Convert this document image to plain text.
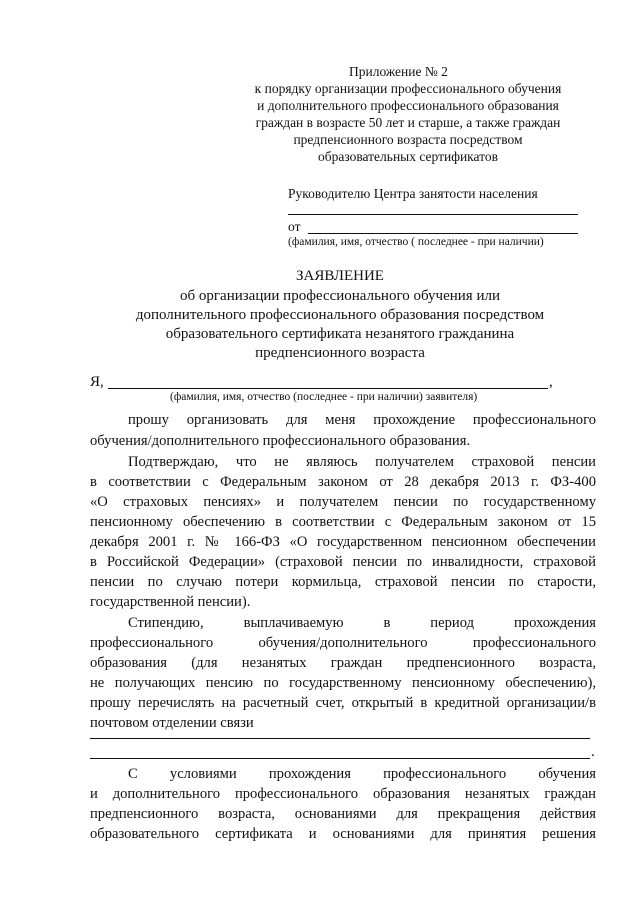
Приложение № 2
к порядку организации профессионального обучения
и дополнительного профессионального образования
граждан в возрасте 50 лет и старше, а также граждан
предпенсионного возраста посредством
образовательных сертификатов
Руководителю Центра занятости населения
от
(фамилия, имя, отчество ( последнее - при наличии)
ЗАЯВЛЕНИЕ
об организации профессионального обучения или
дополнительного профессионального образования посредством
образовательного сертификата незанятого гражданина
предпенсионного возраста
Я,	,
(фамилия, имя, отчество (последнее - при наличии) заявителя)
прошу организовать для меня прохождение профессионального
обучения/дополнительного профессионального образования.
Подтверждаю, что не являюсь получателем страховой пенсии
в соответствии с Федеральным законом от 28 декабря 2013 г. ФЗ-400
«О страховых пенсиях» и получателем пенсии по государственному
пенсионному обеспечению в соответствии с Федеральным законом от 15
декабря 2001 г. № 166-ФЗ «О государственном пенсионном обеспечении
в Российской Федерации» (страховой пенсии по инвалидности, страховой
пенсии по случаю потери кормильца, страховой пенсии по старости,
государственной пенсии).
Стипендию, выплачиваемую в период прохождения
профессионального обучения/дополнительного профессионального
образования (для незанятых граждан предпенсионного возраста,
не получающих пенсию по государственному пенсионному обеспечению),
прошу перечислять на расчетный счет, открытый в кредитной организации/в
почтовом отделении связи
.
С условиями прохождения профессионального обучения
и дополнительного профессионального образования незанятых граждан
предпенсионного возраста, основаниями для прекращения действия
образовательного сертификата и основаниями для принятия решения
